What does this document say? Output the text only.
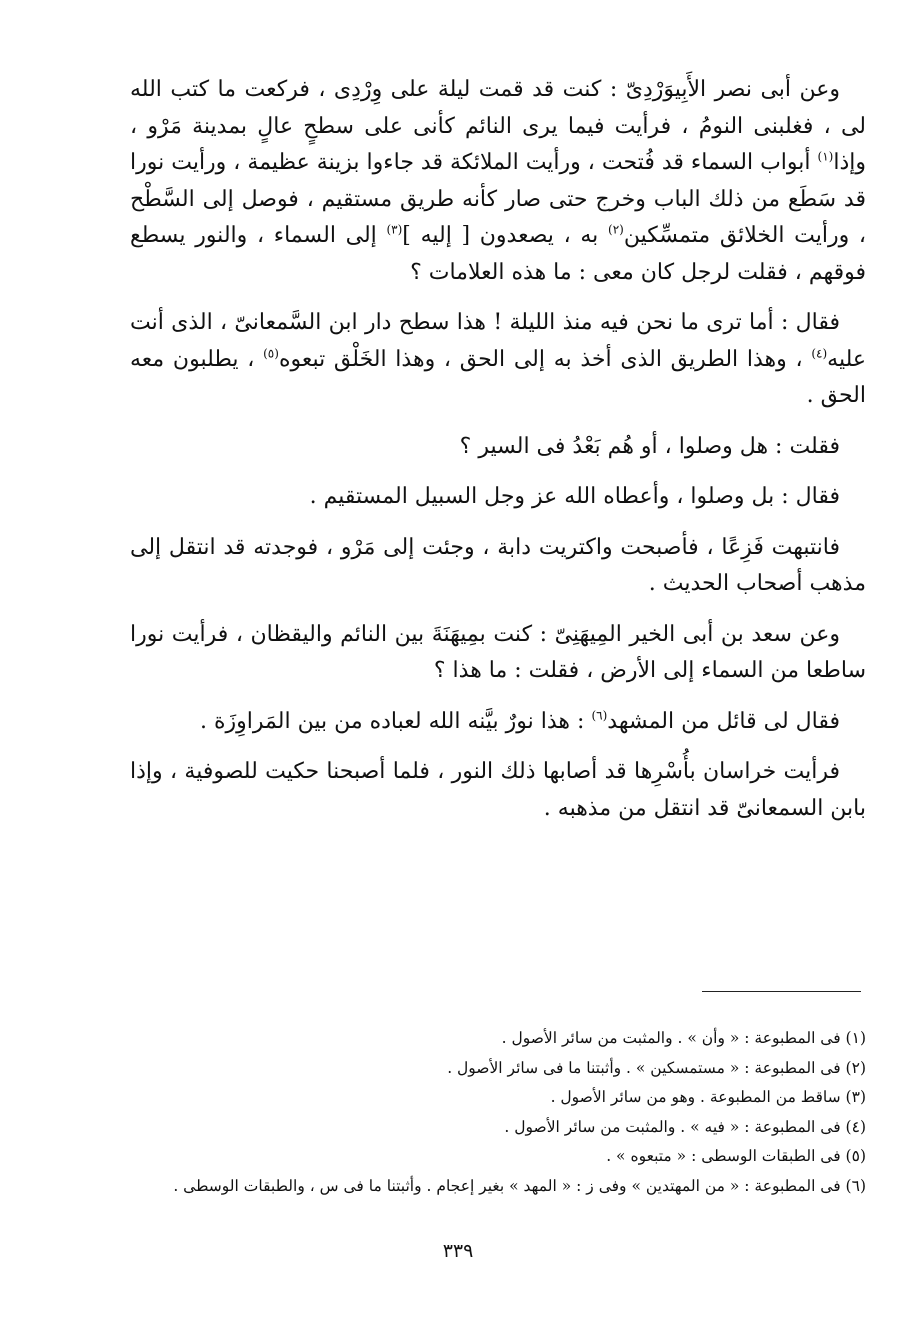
وعن أبى نصر الأَبِيوَرْدِىّ : كنت قد قمت ليلة على وِرْدِى ، فركعت ما كتب الله لى ، فغلبنى النومُ ، فرأيت فيما يرى النائم كأنى على سطحٍ عالٍ بمدينة مَرْو ، وإذا$^{(١)}$ أبواب السماء قد فُتحت ، ورأيت الملائكة قد جاءوا بزينة عظيمة ، ورأيت نورا قد سَطَع من ذلك الباب وخرج حتى صار كأنه طريق مستقيم ، فوصل إلى السَّطْح ، ورأيت الخلائق متمسِّكين$^{(٢)}$ به ، يصعدون [ إليه ]$^{(٣)}$ إلى السماء ، والنور يسطع فوقهم ، فقلت لرجل كان معى : ما هذه العلامات ؟

فقال : أما ترى ما نحن فيه منذ الليلة ! هذا سطح دار ابن السَّمعانىّ ، الذى أنت عليه$^{(٤)}$ ، وهذا الطريق الذى أخذ به إلى الحق ، وهذا الخَلْق تبعوه$^{(٥)}$ ، يطلبون معه الحق .

فقلت : هل وصلوا ، أو هُم بَعْدُ فى السير ؟

فقال : بل وصلوا ، وأعطاه الله عز وجل السبيل المستقيم .

فانتبهت فَزِعًا ، فأصبحت واكتريت دابة ، وجئت إلى مَرْو ، فوجدته قد انتقل إلى مذهب أصحاب الحديث .

وعن سعد بن أبى الخير المِيهَنِىّ : كنت بمِيهَنَةَ بين النائم واليقظان ، فرأيت نورا ساطعا من السماء إلى الأرض ، فقلت : ما هذا ؟

فقال لى قائل من المشهد$^{(٦)}$ : هذا نورٌ بيَّنه الله لعباده من بين المَراوِزَة .

فرأيت خراسان بأُسْرِها قد أصابها ذلك النور ، فلما أصبحنا حكيت للصوفية ، وإذا بابن السمعانىّ قد انتقل من مذهبه .

(١) فى المطبوعة : « وأن » . والمثبت من سائر الأصول .

(٢) فى المطبوعة : « مستمسكين » . وأثبتنا ما فى سائر الأصول .

(٣) ساقط من المطبوعة . وهو من سائر الأصول .

(٤) فى المطبوعة : « فيه » . والمثبت من سائر الأصول .

(٥) فى الطبقات الوسطى : « متبعوه » .

(٦) فى المطبوعة : « من المهتدين » وفى ز : « المهد » بغير إعجام . وأثبتنا ما فى س ، والطبقات الوسطى .

٣٣٩
